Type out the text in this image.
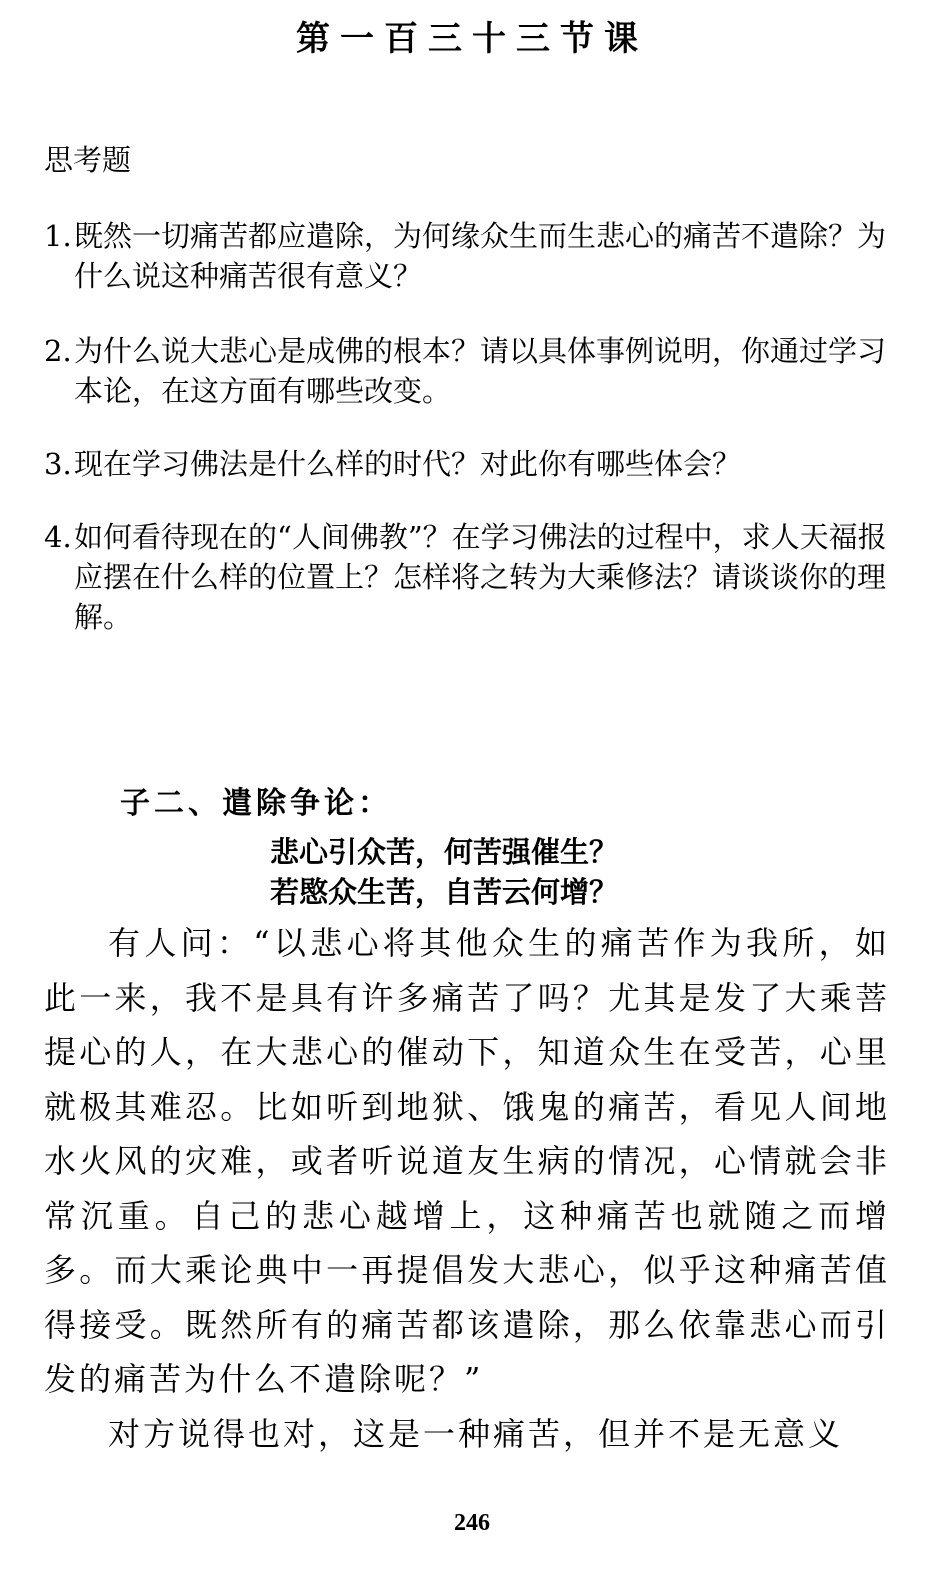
第一百三十三节课
思考题
1. 既然一切痛苦都应遣除，为何缘众生而生悲心的痛苦不遣除？为什么说这种痛苦很有意义？
2. 为什么说大悲心是成佛的根本？请以具体事例说明，你通过学习本论，在这方面有哪些改变。
3. 现在学习佛法是什么样的时代？对此你有哪些体会？
4. 如何看待现在的“人间佛教”？在学习佛法的过程中，求人天福报应摆在什么样的位置上？怎样将之转为大乘修法？请谈谈你的理解。
子二、遣除争论：
悲心引众苦，何苦强催生？
若愍众生苦，自苦云何增？

有人问：“以悲心将其他众生的痛苦作为我所，如此一来，我不是具有许多痛苦了吗？尤其是发了大乘菩提心的人，在大悲心的催动下，知道众生在受苦，心里就极其难忍。比如听到地狱、饿鬼的痛苦，看见人间地水火风的灾难，或者听说道友生病的情况，心情就会非常沉重。自己的悲心越增上，这种痛苦也就随之而增多。而大乘论典中一再提倡发大悲心，似乎这种痛苦值得接受。既然所有的痛苦都该遣除，那么依靠悲心而引发的痛苦为什么不遣除呢？”

对方说得也对，这是一种痛苦，但并不是无意义

246
